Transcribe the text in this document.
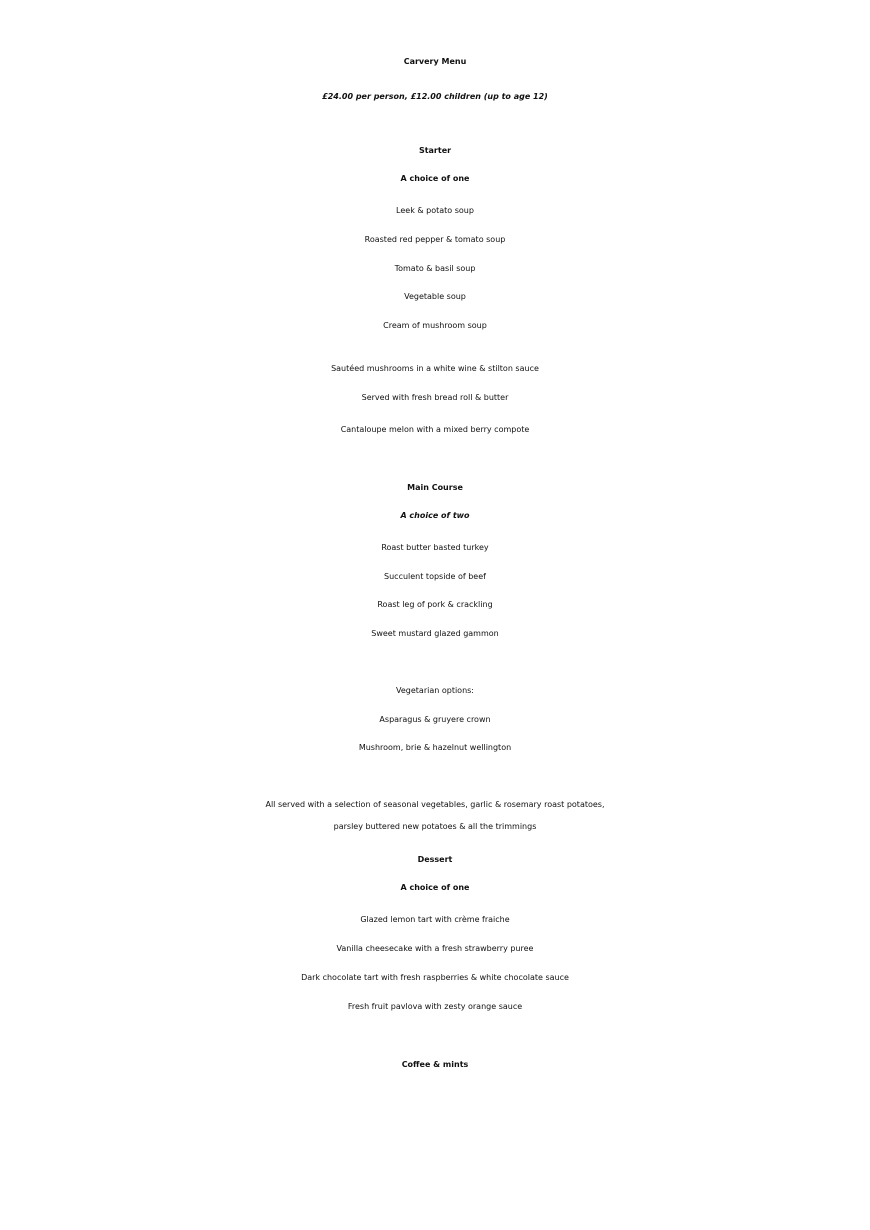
Carvery Menu
£24.00 per person, £12.00 children (up to age 12)
Starter
A choice of one
Leek & potato soup
Roasted red pepper & tomato soup
Tomato & basil soup
Vegetable soup
Cream of mushroom soup
Sautéed mushrooms in a white wine & stilton sauce
Served with fresh bread roll & butter
Cantaloupe melon with a mixed berry compote
Main Course
A choice of two
Roast butter basted turkey
Succulent topside of beef
Roast leg of pork & crackling
Sweet mustard glazed gammon
Vegetarian options:
Asparagus & gruyere crown
Mushroom, brie & hazelnut wellington
All served with a selection of seasonal vegetables, garlic & rosemary roast potatoes,
parsley buttered new potatoes & all the trimmings
Dessert
A choice of one
Glazed lemon tart with crème fraiche
Vanilla cheesecake with a fresh strawberry puree
Dark chocolate tart with fresh raspberries & white chocolate sauce
Fresh fruit pavlova with zesty orange sauce
Coffee & mints
